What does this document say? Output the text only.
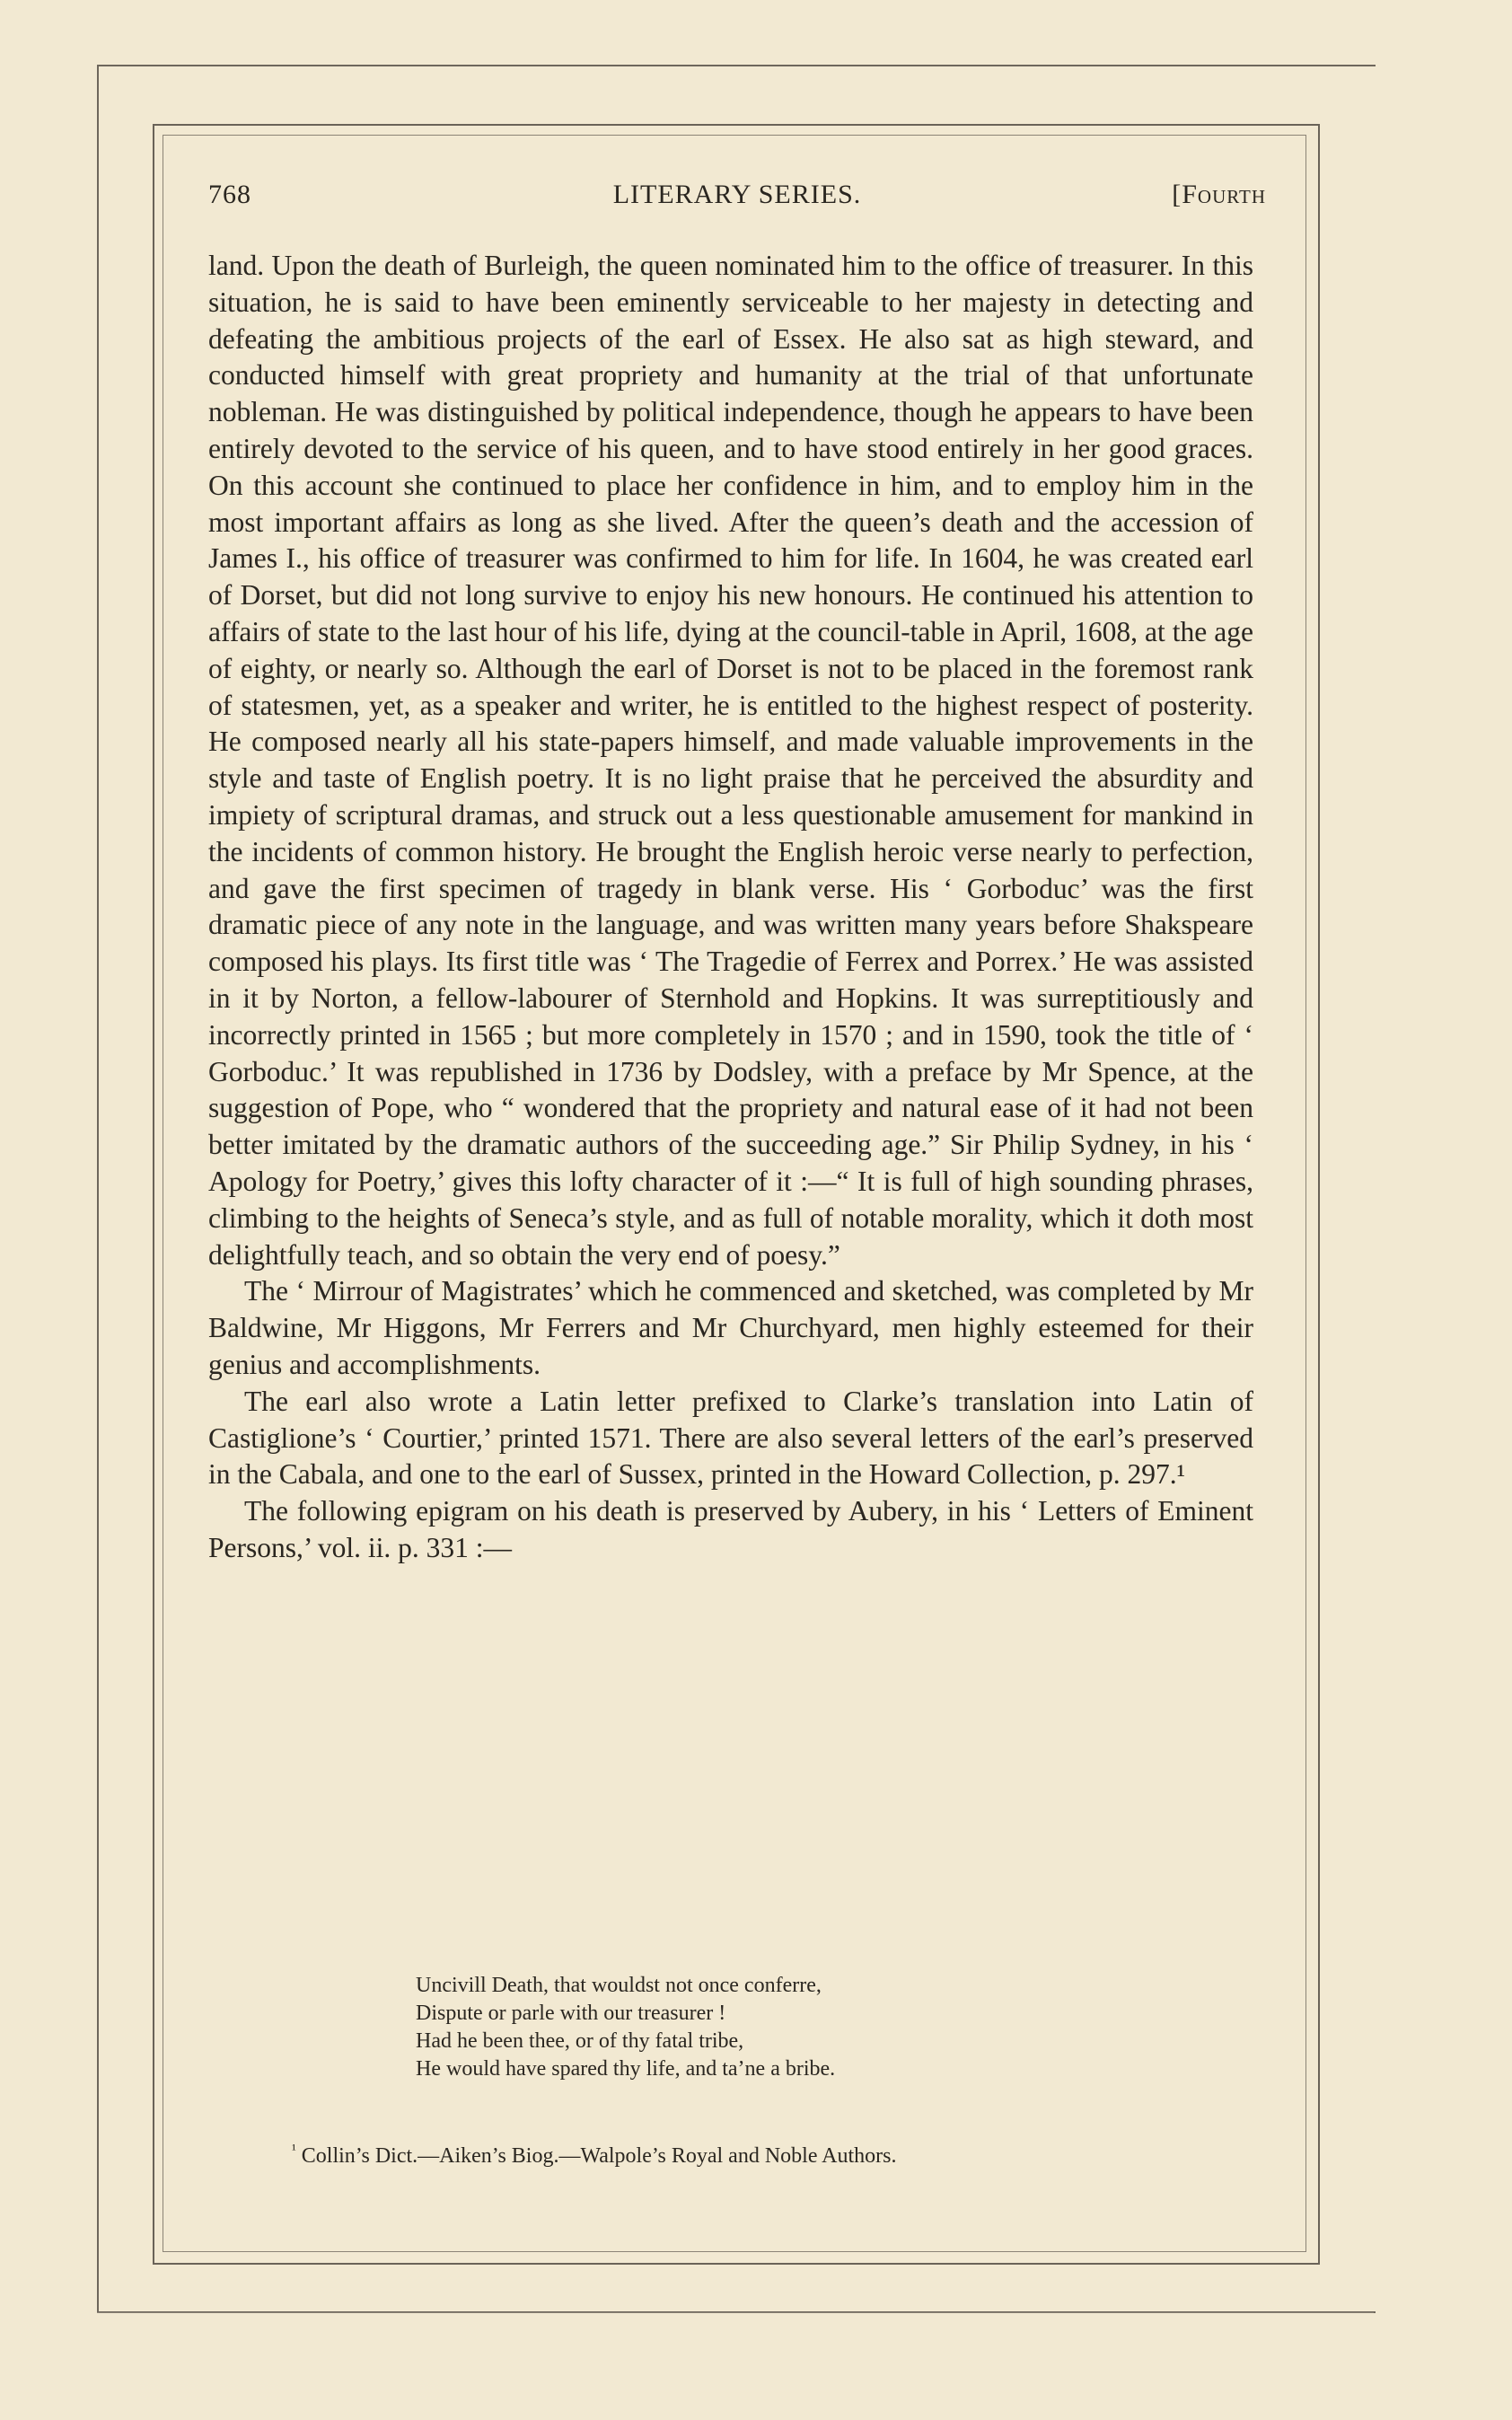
768	LITERARY SERIES.	[Fourth

land. Upon the death of Burleigh, the queen nominated him to the office of treasurer. In this situation, he is said to have been eminently serviceable to her majesty in detecting and defeating the ambitious projects of the earl of Essex. He also sat as high steward, and conducted himself with great propriety and humanity at the trial of that unfortunate nobleman. He was distinguished by political independence, though he appears to have been entirely devoted to the service of his queen, and to have stood entirely in her good graces. On this account she continued to place her confidence in him, and to employ him in the most important affairs as long as she lived. After the queen’s death and the accession of James I., his office of treasurer was confirmed to him for life. In 1604, he was created earl of Dorset, but did not long survive to enjoy his new honours. He continued his attention to affairs of state to the last hour of his life, dying at the council-table in April, 1608, at the age of eighty, or nearly so. Although the earl of Dorset is not to be placed in the foremost rank of statesmen, yet, as a speaker and writer, he is entitled to the highest respect of posterity. He composed nearly all his state-papers himself, and made valuable improvements in the style and taste of English poetry. It is no light praise that he perceived the absurdity and impiety of scriptural dramas, and struck out a less questionable amusement for mankind in the incidents of common history. He brought the English heroic verse nearly to perfection, and gave the first specimen of tragedy in blank verse. His ‘ Gorboduc’ was the first dramatic piece of any note in the language, and was written many years before Shakspeare composed his plays. Its first title was ‘ The Tragedie of Ferrex and Porrex.’ He was assisted in it by Norton, a fellow-labourer of Sternhold and Hopkins. It was surreptitiously and incorrectly printed in 1565 ; but more completely in 1570 ; and in 1590, took the title of ‘ Gorboduc.’ It was republished in 1736 by Dodsley, with a preface by Mr Spence, at the suggestion of Pope, who “ wondered that the propriety and natural ease of it had not been better imitated by the dramatic authors of the succeeding age.” Sir Philip Sydney, in his ‘ Apology for Poetry,’ gives this lofty character of it :—“ It is full of high sounding phrases, climbing to the heights of Seneca’s style, and as full of notable morality, which it doth most delightfully teach, and so obtain the very end of poesy.”

The ‘ Mirrour of Magistrates’ which he commenced and sketched, was completed by Mr Baldwine, Mr Higgons, Mr Ferrers and Mr Churchyard, men highly esteemed for their genius and accomplishments.

The earl also wrote a Latin letter prefixed to Clarke’s translation into Latin of Castiglione’s ‘ Courtier,’ printed 1571. There are also several letters of the earl’s preserved in the Cabala, and one to the earl of Sussex, printed in the Howard Collection, p. 297.¹

The following epigram on his death is preserved by Aubery, in his ‘ Letters of Eminent Persons,’ vol. ii. p. 331 :—

Uncivill Death, that wouldst not once conferre,
Dispute or parle with our treasurer !
Had he been thee, or of thy fatal tribe,
He would have spared thy life, and ta’ne a bribe.
$^{^1}$ Collin’s Dict.—Aiken’s Biog.—Walpole’s Royal and Noble Authors.
